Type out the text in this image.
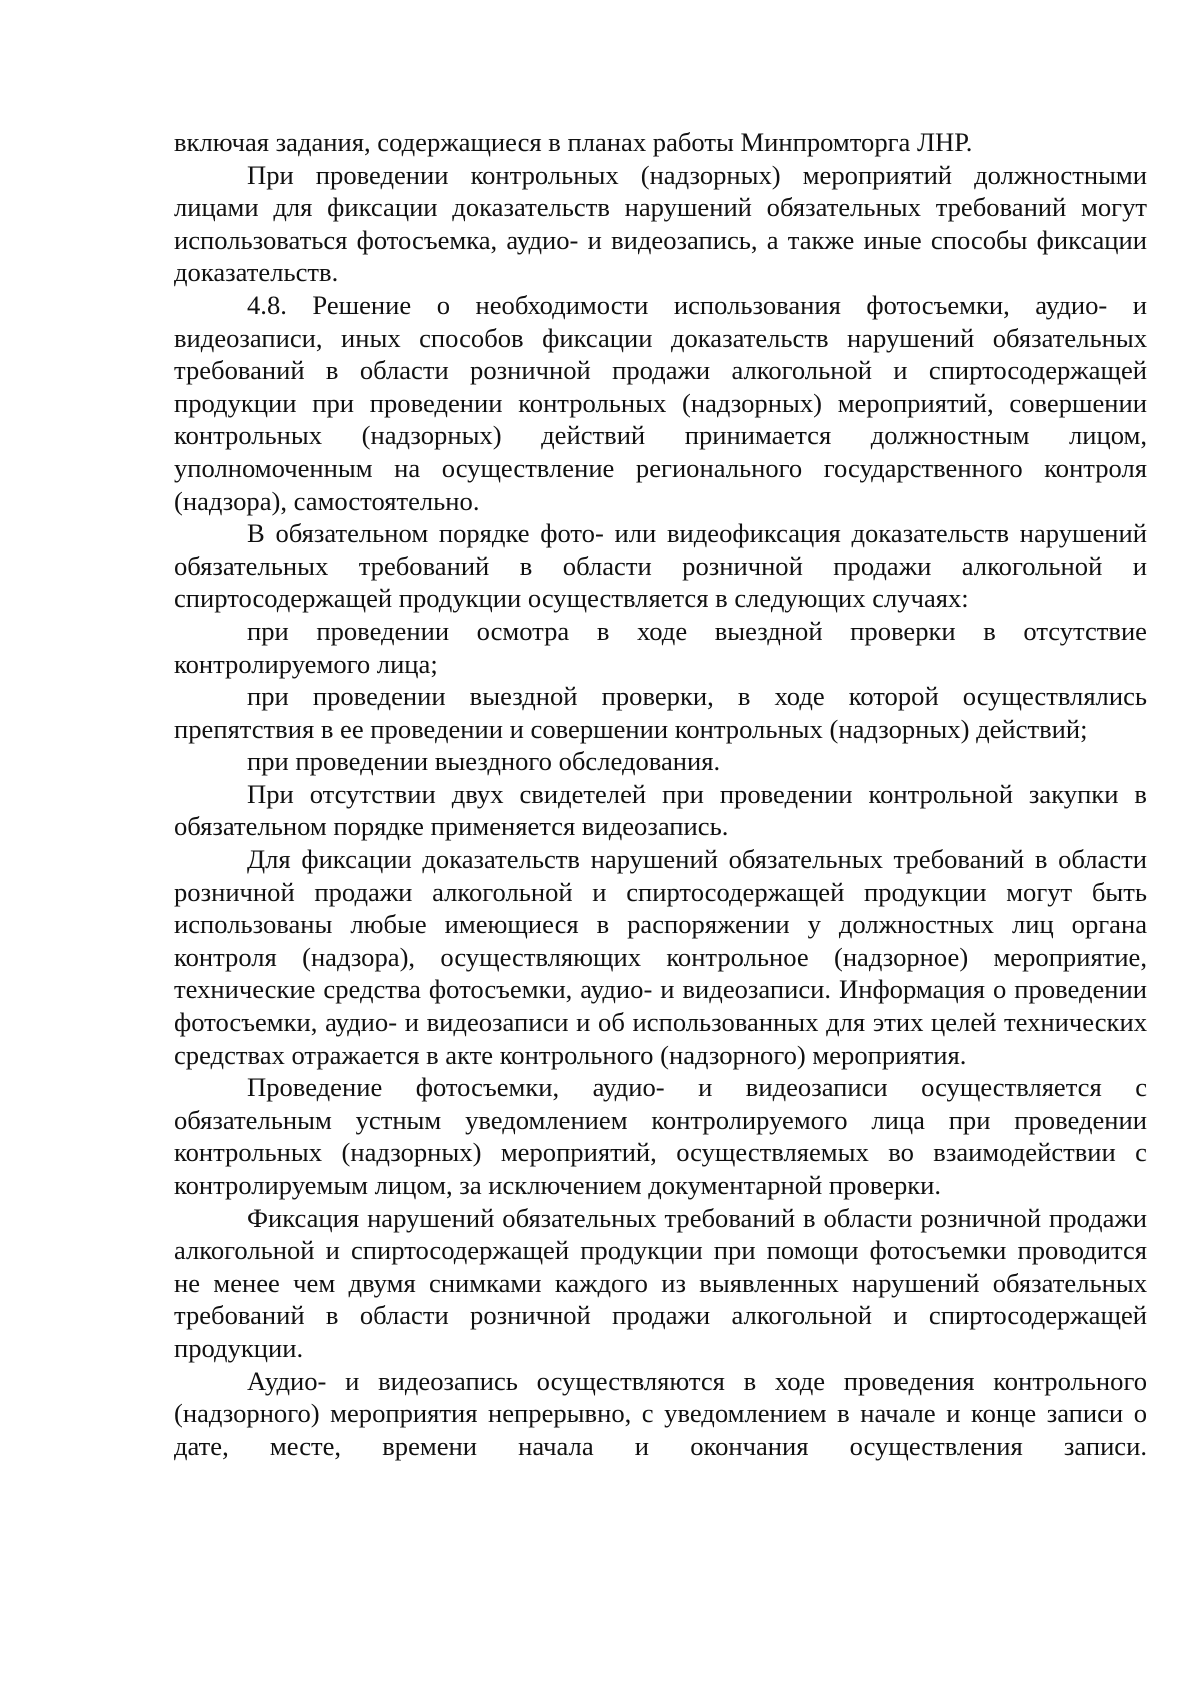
включая задания, содержащиеся в планах работы Минпромторга ЛНР.

При проведении контрольных (надзорных) мероприятий должностными лицами для фиксации доказательств нарушений обязательных требований могут использоваться фотосъемка, аудио- и видеозапись, а также иные способы фиксации доказательств.

4.8. Решение о необходимости использования фотосъемки, аудио- и видеозаписи, иных способов фиксации доказательств нарушений обязательных требований в области розничной продажи алкогольной и спиртосодержащей продукции при проведении контрольных (надзорных) мероприятий, совершении контрольных (надзорных) действий принимается должностным лицом, уполномоченным на осуществление регионального государственного контроля (надзора), самостоятельно.

В обязательном порядке фото- или видеофиксация доказательств нарушений обязательных требований в области розничной продажи алкогольной и спиртосодержащей продукции осуществляется в следующих случаях:

при проведении осмотра в ходе выездной проверки в отсутствие контролируемого лица;

при проведении выездной проверки, в ходе которой осуществлялись препятствия в ее проведении и совершении контрольных (надзорных) действий;

при проведении выездного обследования.

При отсутствии двух свидетелей при проведении контрольной закупки в обязательном порядке применяется видеозапись.

Для фиксации доказательств нарушений обязательных требований в области розничной продажи алкогольной и спиртосодержащей продукции могут быть использованы любые имеющиеся в распоряжении у должностных лиц органа контроля (надзора), осуществляющих контрольное (надзорное) мероприятие, технические средства фотосъемки, аудио- и видеозаписи. Информация о проведении фотосъемки, аудио- и видеозаписи и об использованных для этих целей технических средствах отражается в акте контрольного (надзорного) мероприятия.

Проведение фотосъемки, аудио- и видеозаписи осуществляется с обязательным устным уведомлением контролируемого лица при проведении контрольных (надзорных) мероприятий, осуществляемых во взаимодействии с контролируемым лицом, за исключением документарной проверки.

Фиксация нарушений обязательных требований в области розничной продажи алкогольной и спиртосодержащей продукции при помощи фотосъемки проводится не менее чем двумя снимками каждого из выявленных нарушений обязательных требований в области розничной продажи алкогольной и спиртосодержащей продукции.

Аудио- и видеозапись осуществляются в ходе проведения контрольного (надзорного) мероприятия непрерывно, с уведомлением в начале и конце записи о дате, месте, времени начала и окончания осуществления записи.
